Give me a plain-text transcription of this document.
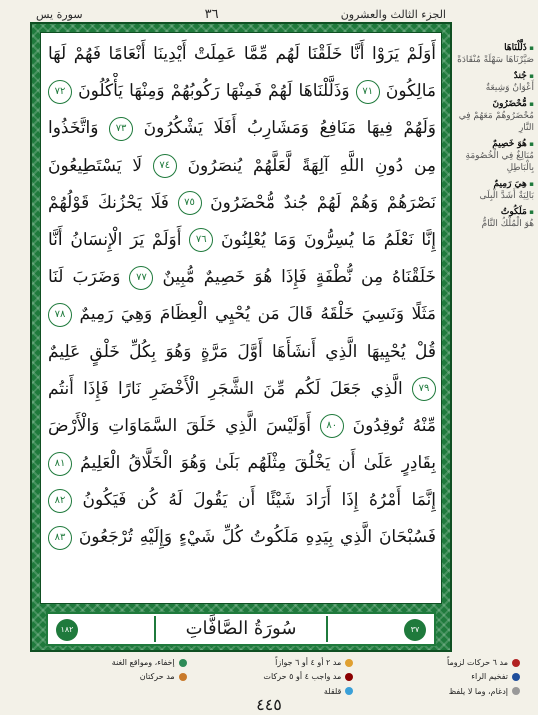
سورة يس	٣٦	الجزء الثالث والعشرون
أَوَلَمْ يَرَوْا أَنَّا خَلَقْنَا لَهُم مِّمَّا عَمِلَتْ أَيْدِينَا أَنْعَامًا فَهُمْ لَهَا
مَالِكُونَ ٧١ وَذَلَّلْنَاهَا لَهُمْ فَمِنْهَا رَكُوبُهُمْ وَمِنْهَا يَأْكُلُونَ ٧٢
وَلَهُمْ فِيهَا مَنَافِعُ وَمَشَارِبُ أَفَلَا يَشْكُرُونَ ٧٣ وَاتَّخَذُوا
مِن دُونِ اللَّهِ آلِهَةً لَّعَلَّهُمْ يُنصَرُونَ ٧٤ لَا يَسْتَطِيعُونَ
نَصْرَهُمْ وَهُمْ لَهُمْ جُندٌ مُّحْضَرُونَ ٧٥ فَلَا يَحْزُنكَ قَوْلُهُمْ
إِنَّا نَعْلَمُ مَا يُسِرُّونَ وَمَا يُعْلِنُونَ ٧٦ أَوَلَمْ يَرَ الْإِنسَانُ أَنَّا
خَلَقْنَاهُ مِن نُّطْفَةٍ فَإِذَا هُوَ خَصِيمٌ مُّبِينٌ ٧٧ وَضَرَبَ لَنَا
مَثَلًا وَنَسِيَ خَلْقَهُ قَالَ مَن يُحْيِي الْعِظَامَ وَهِيَ رَمِيمٌ ٧٨
قُلْ يُحْيِيهَا الَّذِي أَنشَأَهَا أَوَّلَ مَرَّةٍ وَهُوَ بِكُلِّ خَلْقٍ عَلِيمٌ
٧٩ الَّذِي جَعَلَ لَكُم مِّنَ الشَّجَرِ الْأَخْضَرِ نَارًا فَإِذَا أَنتُم
مِّنْهُ تُوقِدُونَ ٨٠ أَوَلَيْسَ الَّذِي خَلَقَ السَّمَاوَاتِ وَالْأَرْضَ
بِقَادِرٍ عَلَىٰ أَن يَخْلُقَ مِثْلَهُم بَلَىٰ وَهُوَ الْخَلَّاقُ الْعَلِيمُ ٨١
إِنَّمَا أَمْرُهُ إِذَا أَرَادَ شَيْئًا أَن يَقُولَ لَهُ كُن فَيَكُونُ ٨٢
فَسُبْحَانَ الَّذِي بِيَدِهِ مَلَكُوتُ كُلِّ شَيْءٍ وَإِلَيْهِ تُرْجَعُونَ ٨٣
٣٧
سُورَةُ الصَّافَّاتِ
١٨٢
▪ ذَلَّلْنَاهَا
صَيَّرْنَاهَا سَهْلَةً مُنْقَادَةً
▪ جُندٌ
أَعْوَانٌ وَشِيعَةٌ
▪ مُّحْضَرُونَ
مُحْضَرُوهُمْ مَعَهُمْ فِي النَّارِ
▪ هُوَ خَصِيمٌ
مُبَالِغٌ فِي الْخُصُومَةِ بِالْبَاطِلِ
▪ هِيَ رَمِيمٌ
بَالِيَةٌ أَشَدَّ الْبِلَى
▪ مَلَكُوتُ
هُوَ الْمُلْكُ التَّامُّ
مد ٦ حركات لزوماً
مد ٢ أو ٤ أو ٦ جوازاً
إخفاء، ومواقع الغنة
تفخيم الراء
مد واجب ٤ أو ٥ حركات
مد حركتان
إدغام، وما لا يلفظ
قلقلة
٤٤٥
